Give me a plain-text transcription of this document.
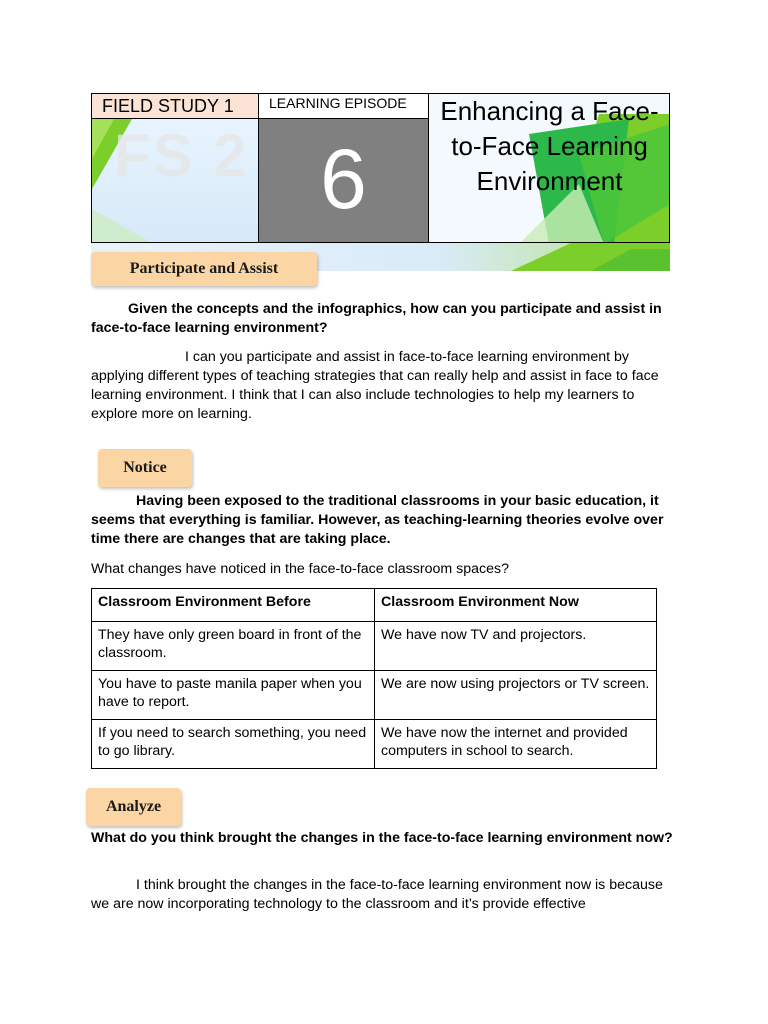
FIELD STUDY 1	LEARNING EPISODE
FS 2 6
Enhancing a Face-to-Face Learning Environment
Participate and Assist
Given the concepts and the infographics, how can you participate and assist in face-to-face learning environment?
I can you participate and assist in face-to-face learning environment by applying different types of teaching strategies that can really help and assist in face to face learning environment. I think that I can also include technologies to help my learners to explore more on learning.
Notice
Having been exposed to the traditional classrooms in your basic education, it seems that everything is familiar. However, as teaching-learning theories evolve over time there are changes that are taking place.
What changes have noticed in the face-to-face classroom spaces?
Classroom Environment Before	Classroom Environment Now
They have only green board in front of the classroom.	We have now TV and projectors.
You have to paste manila paper when you have to report.	We are now using projectors or TV screen.
If you need to search something, you need to go library.	We have now the internet and provided computers in school to search.
Analyze
What do you think brought the changes in the face-to-face learning environment now?
I think brought the changes in the face-to-face learning environment now is because we are now incorporating technology to the classroom and it’s provide effective
